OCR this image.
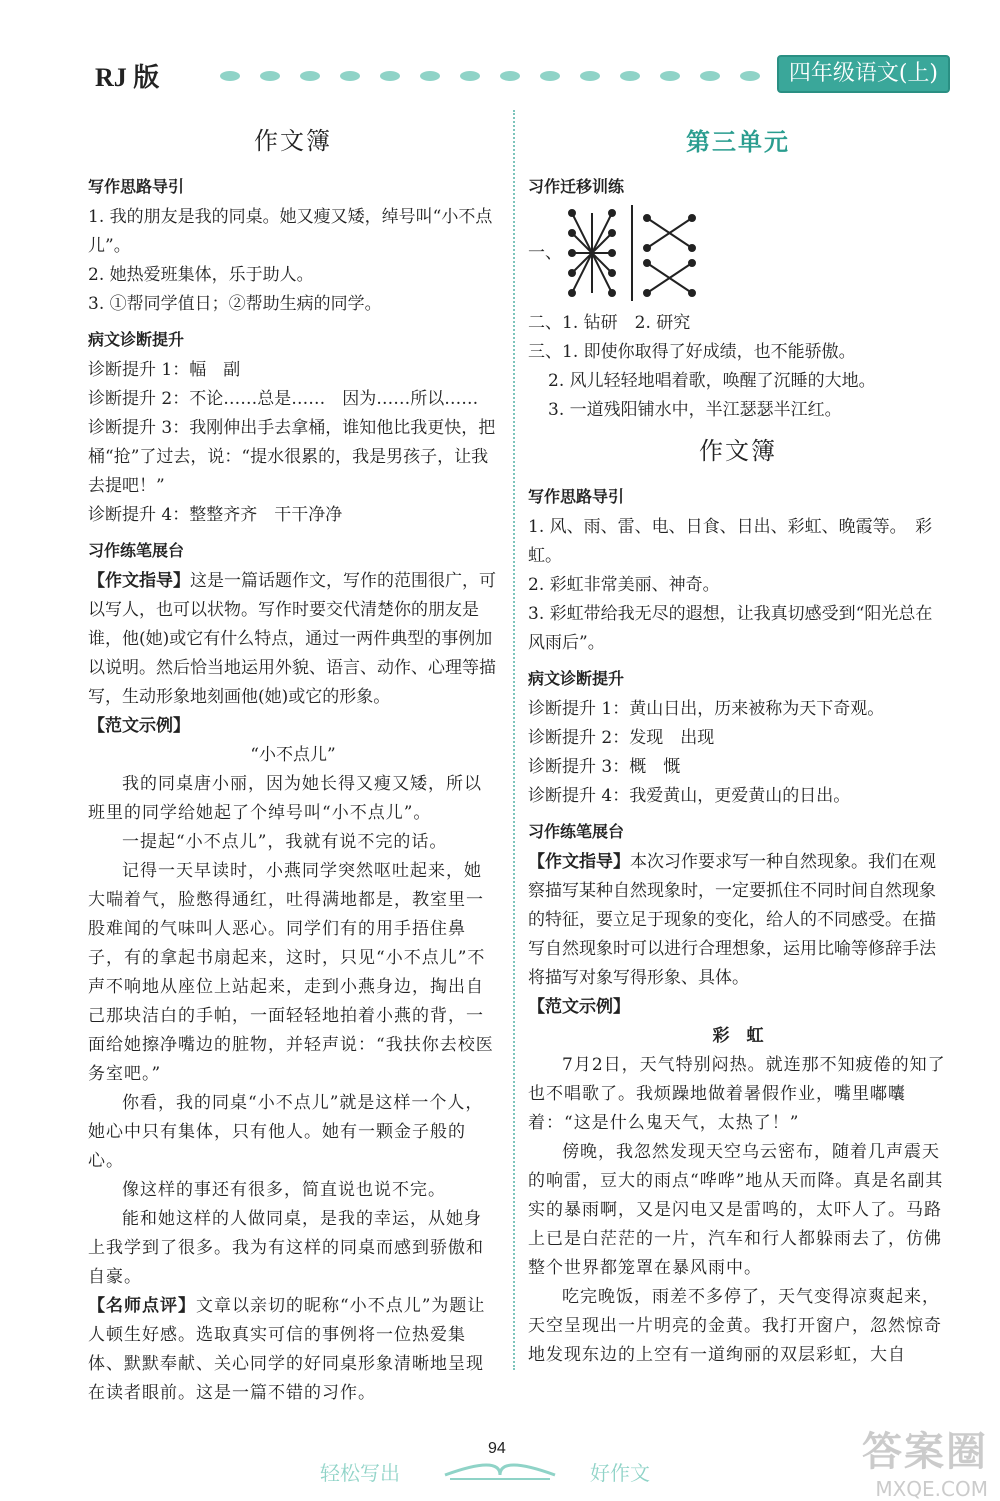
RJ 版	四年级语文(上)
作文簿
写作思路导引

1. 我的朋友是我的同桌。她又瘦又矮，绰号叫“小不点儿”。

2. 她热爱班集体，乐于助人。

3. ①帮同学值日；②帮助生病的同学。

病文诊断提升

诊断提升 1：幅　副

诊断提升 2：不论……总是……　因为……所以……

诊断提升 3：我刚伸出手去拿桶，谁知他比我更快，把桶“抢”了过去，说：“提水很累的，我是男孩子，让我去提吧！”

诊断提升 4：整整齐齐　干干净净

习作练笔展台

【作文指导】这是一篇话题作文，写作的范围很广，可以写人，也可以状物。写作时要交代清楚你的朋友是谁，他(她)或它有什么特点，通过一两件典型的事例加以说明。然后恰当地运用外貌、语言、动作、心理等描写，生动形象地刻画他(她)或它的形象。

【范文示例】

“小不点儿”

我的同桌唐小丽，因为她长得又瘦又矮，所以班里的同学给她起了个绰号叫“小不点儿”。

一提起“小不点儿”，我就有说不完的话。

记得一天早读时，小燕同学突然呕吐起来，她大喘着气，脸憋得通红，吐得满地都是，教室里一股难闻的气味叫人恶心。同学们有的用手捂住鼻子，有的拿起书扇起来，这时，只见“小不点儿”不声不响地从座位上站起来，走到小燕身边，掏出自己那块洁白的手帕，一面轻轻地拍着小燕的背，一面给她擦净嘴边的脏物，并轻声说：“我扶你去校医务室吧。”

你看，我的同桌“小不点儿”就是这样一个人，她心中只有集体，只有他人。她有一颗金子般的心。

像这样的事还有很多，简直说也说不完。

能和她这样的人做同桌，是我的幸运，从她身上我学到了很多。我为有这样的同桌而感到骄傲和自豪。

【名师点评】文章以亲切的昵称“小不点儿”为题让人顿生好感。选取真实可信的事例将一位热爱集体、默默奉献、关心同学的好同桌形象清晰地呈现在读者眼前。这是一篇不错的习作。

第三单元
习作迁移训练
一、

二、1. 钻研　2. 研究

三、1. 即使你取得了好成绩，也不能骄傲。

2. 风儿轻轻地唱着歌，唤醒了沉睡的大地。

3. 一道残阳铺水中，半江瑟瑟半江红。

作文簿
写作思路导引

1. 风、雨、雷、电、日食、日出、彩虹、晚霞等。　彩虹。

2. 彩虹非常美丽、神奇。

3. 彩虹带给我无尽的遐想，让我真切感受到“阳光总在风雨后”。

病文诊断提升

诊断提升 1：黄山日出，历来被称为天下奇观。

诊断提升 2：发现　出现

诊断提升 3：概　慨

诊断提升 4：我爱黄山，更爱黄山的日出。

习作练笔展台

【作文指导】本次习作要求写一种自然现象。我们在观察描写某种自然现象时，一定要抓住不同时间自然现象的特征，要立足于现象的变化，给人的不同感受。在描写自然现象时可以进行合理想象，运用比喻等修辞手法将描写对象写得形象、具体。

【范文示例】

彩　虹

7月2日，天气特别闷热。就连那不知疲倦的知了也不唱歌了。我烦躁地做着暑假作业，嘴里嘟囔着：“这是什么鬼天气，太热了！”

傍晚，我忽然发现天空乌云密布，随着几声震天的响雷，豆大的雨点“哗哗”地从天而降。真是名副其实的暴雨啊，又是闪电又是雷鸣的，太吓人了。马路上已是白茫茫的一片，汽车和行人都躲雨去了，仿佛整个世界都笼罩在暴风雨中。

吃完晚饭，雨差不多停了，天气变得凉爽起来，天空呈现出一片明亮的金黄。我打开窗户，忽然惊奇地发现东边的上空有一道绚丽的双层彩虹，大自

94
轻松写出	好作文	答案圈
MXQE.COM
